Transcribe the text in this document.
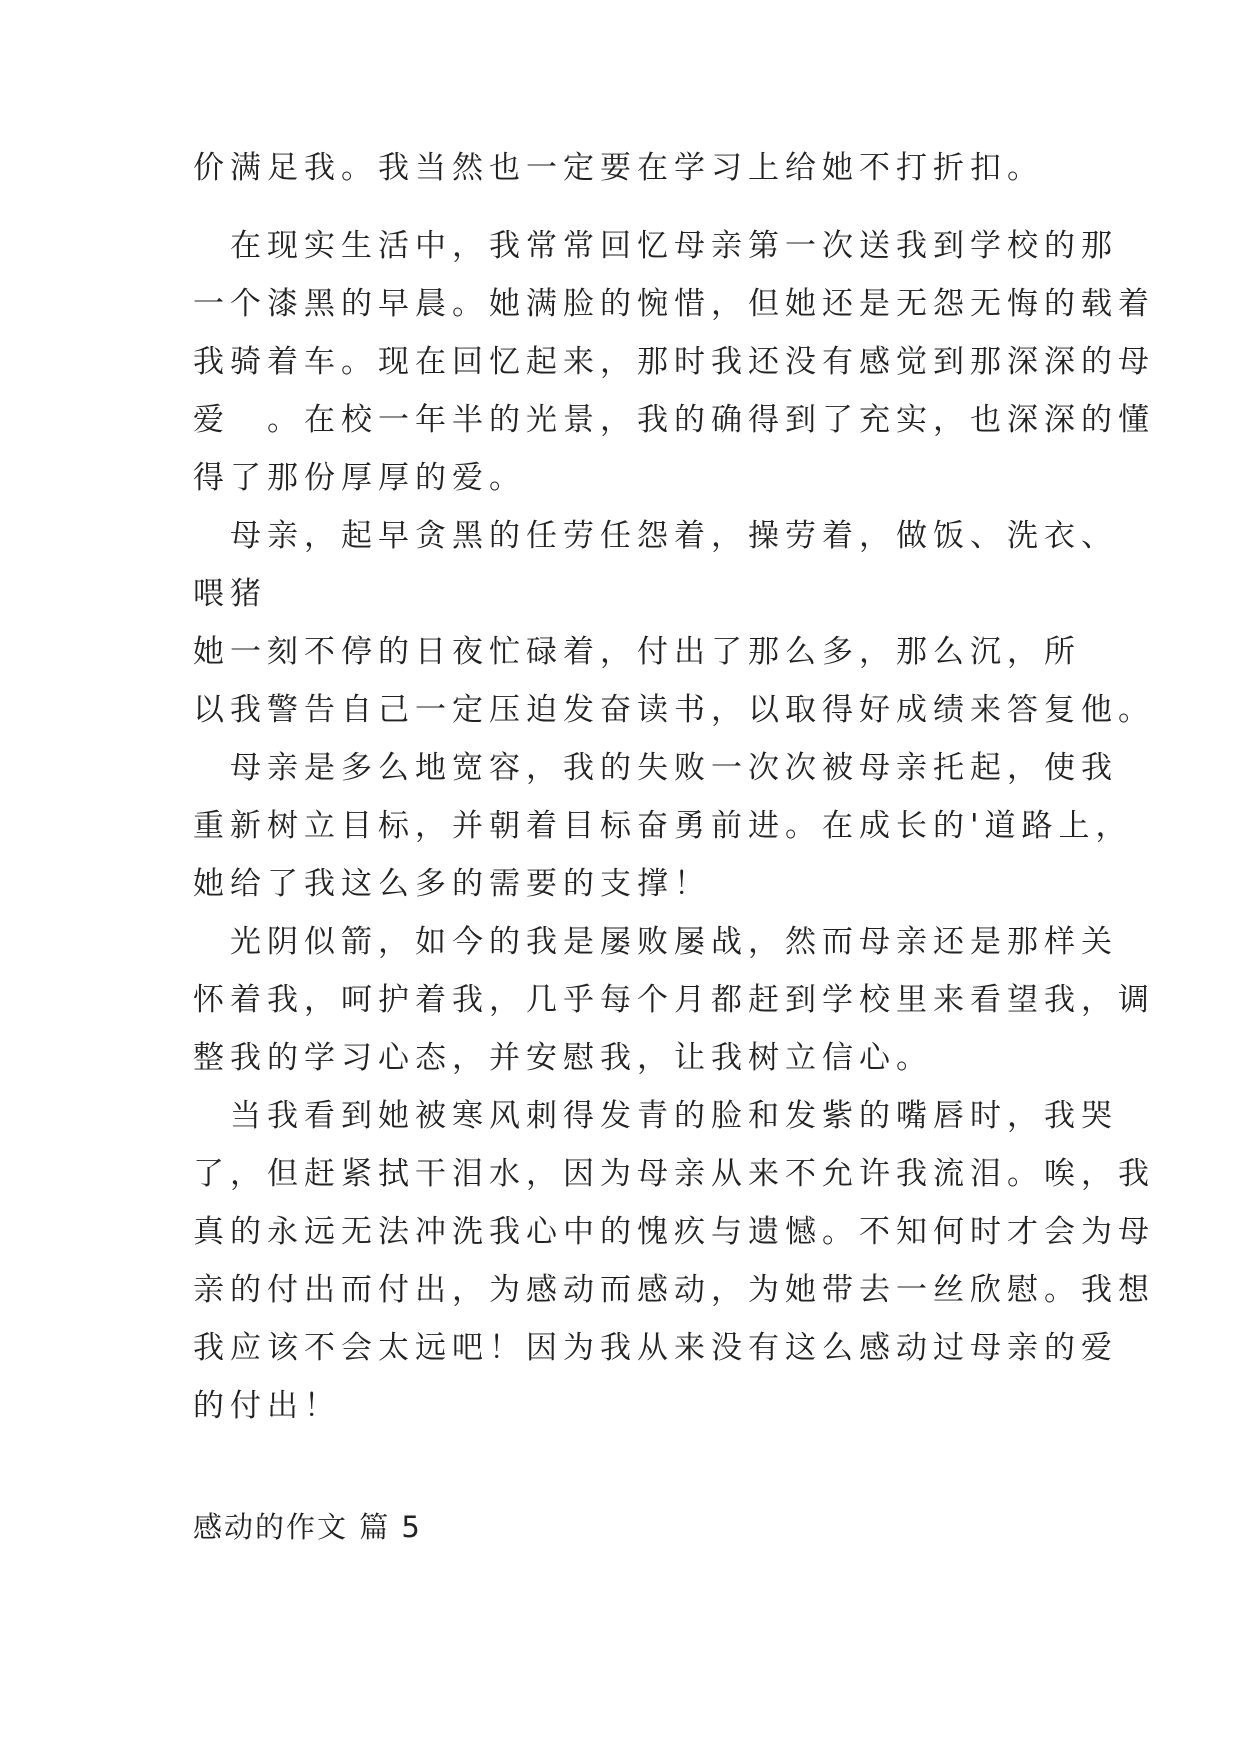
价满足我。我当然也一定要在学习上给她不打折扣。
　在现实生活中，我常常回忆母亲第一次送我到学校的那
一个漆黑的早晨。她满脸的惋惜，但她还是无怨无悔的载着
我骑着车。现在回忆起来，那时我还没有感觉到那深深的母
爱　。在校一年半的光景，我的确得到了充实，也深深的懂
得了那份厚厚的爱。
　母亲，起早贪黑的任劳任怨着，操劳着，做饭、洗衣、
喂猪
她一刻不停的日夜忙碌着，付出了那么多，那么沉，所
以我警告自己一定压迫发奋读书，以取得好成绩来答复他。
　母亲是多么地宽容，我的失败一次次被母亲托起，使我
重新树立目标，并朝着目标奋勇前进。在成长的'道路上，
她给了我这么多的需要的支撑！
　光阴似箭，如今的我是屡败屡战，然而母亲还是那样关
怀着我，呵护着我，几乎每个月都赶到学校里来看望我，调
整我的学习心态，并安慰我，让我树立信心。
　当我看到她被寒风刺得发青的脸和发紫的嘴唇时，我哭
了，但赶紧拭干泪水，因为母亲从来不允许我流泪。唉，我
真的永远无法冲洗我心中的愧疚与遗憾。不知何时才会为母
亲的付出而付出，为感动而感动，为她带去一丝欣慰。我想
我应该不会太远吧！因为我从来没有这么感动过母亲的爱
的付出！
感动的作文 篇 5
